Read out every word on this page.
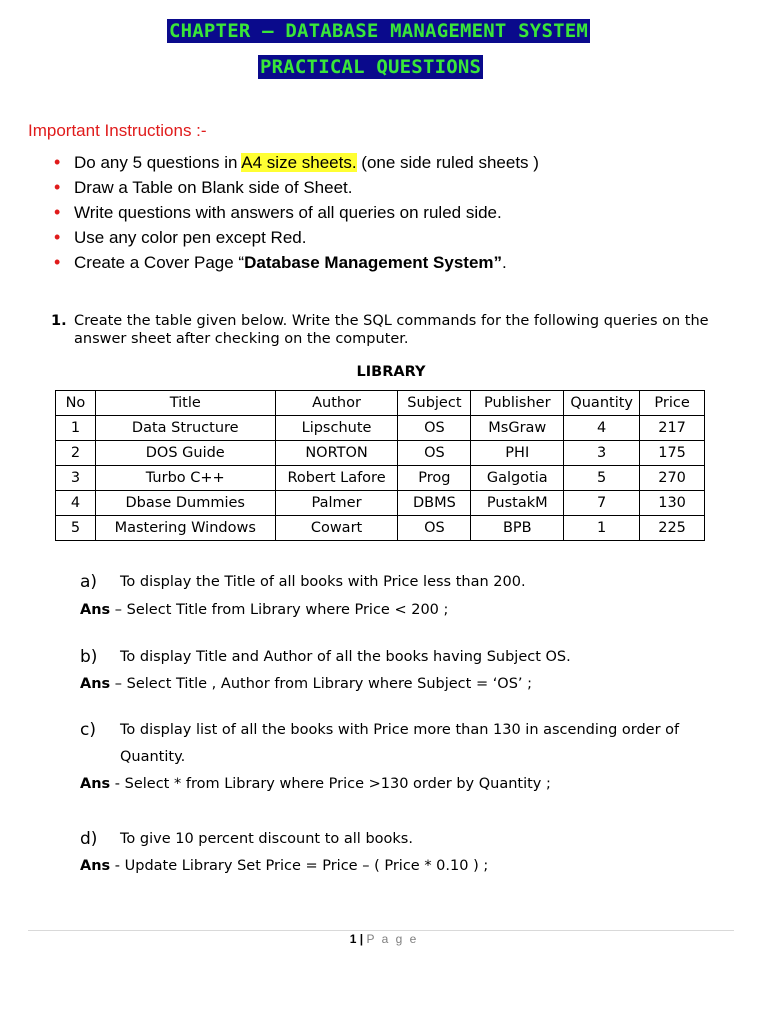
CHAPTER – DATABASE MANAGEMENT SYSTEM
PRACTICAL QUESTIONS
Important Instructions :-
• Do any 5 questions in A4 size sheets. (one side ruled sheets )
• Draw a Table on Blank side of Sheet.
• Write questions with answers of all queries on ruled side.
• Use any color pen except Red.
• Create a Cover Page “Database Management System”.
1. Create the table given below. Write the SQL commands for the following queries on the answer sheet after checking on the computer.
LIBRARY
No	Title	Author	Subject	Publisher	Quantity	Price
1	Data Structure	Lipschute	OS	MsGraw	4	217
2	DOS Guide	NORTON	OS	PHI	3	175
3	Turbo C++	Robert Lafore	Prog	Galgotia	5	270
4	Dbase Dummies	Palmer	DBMS	PustakM	7	130
5	Mastering Windows	Cowart	OS	BPB	1	225
a) To display the Title of all books with Price less than 200.
Ans – Select Title from Library where Price < 200 ;
b) To display Title and Author of all the books having Subject OS.
Ans – Select Title , Author from Library where Subject = ‘OS’ ;
c) To display list of all the books with Price more than 130 in ascending order of
Quantity.
Ans - Select * from Library where Price >130 order by Quantity ;
d) To give 10 percent discount to all books.
Ans - Update Library Set Price = Price – ( Price * 0.10 ) ;
1 | P a g e
